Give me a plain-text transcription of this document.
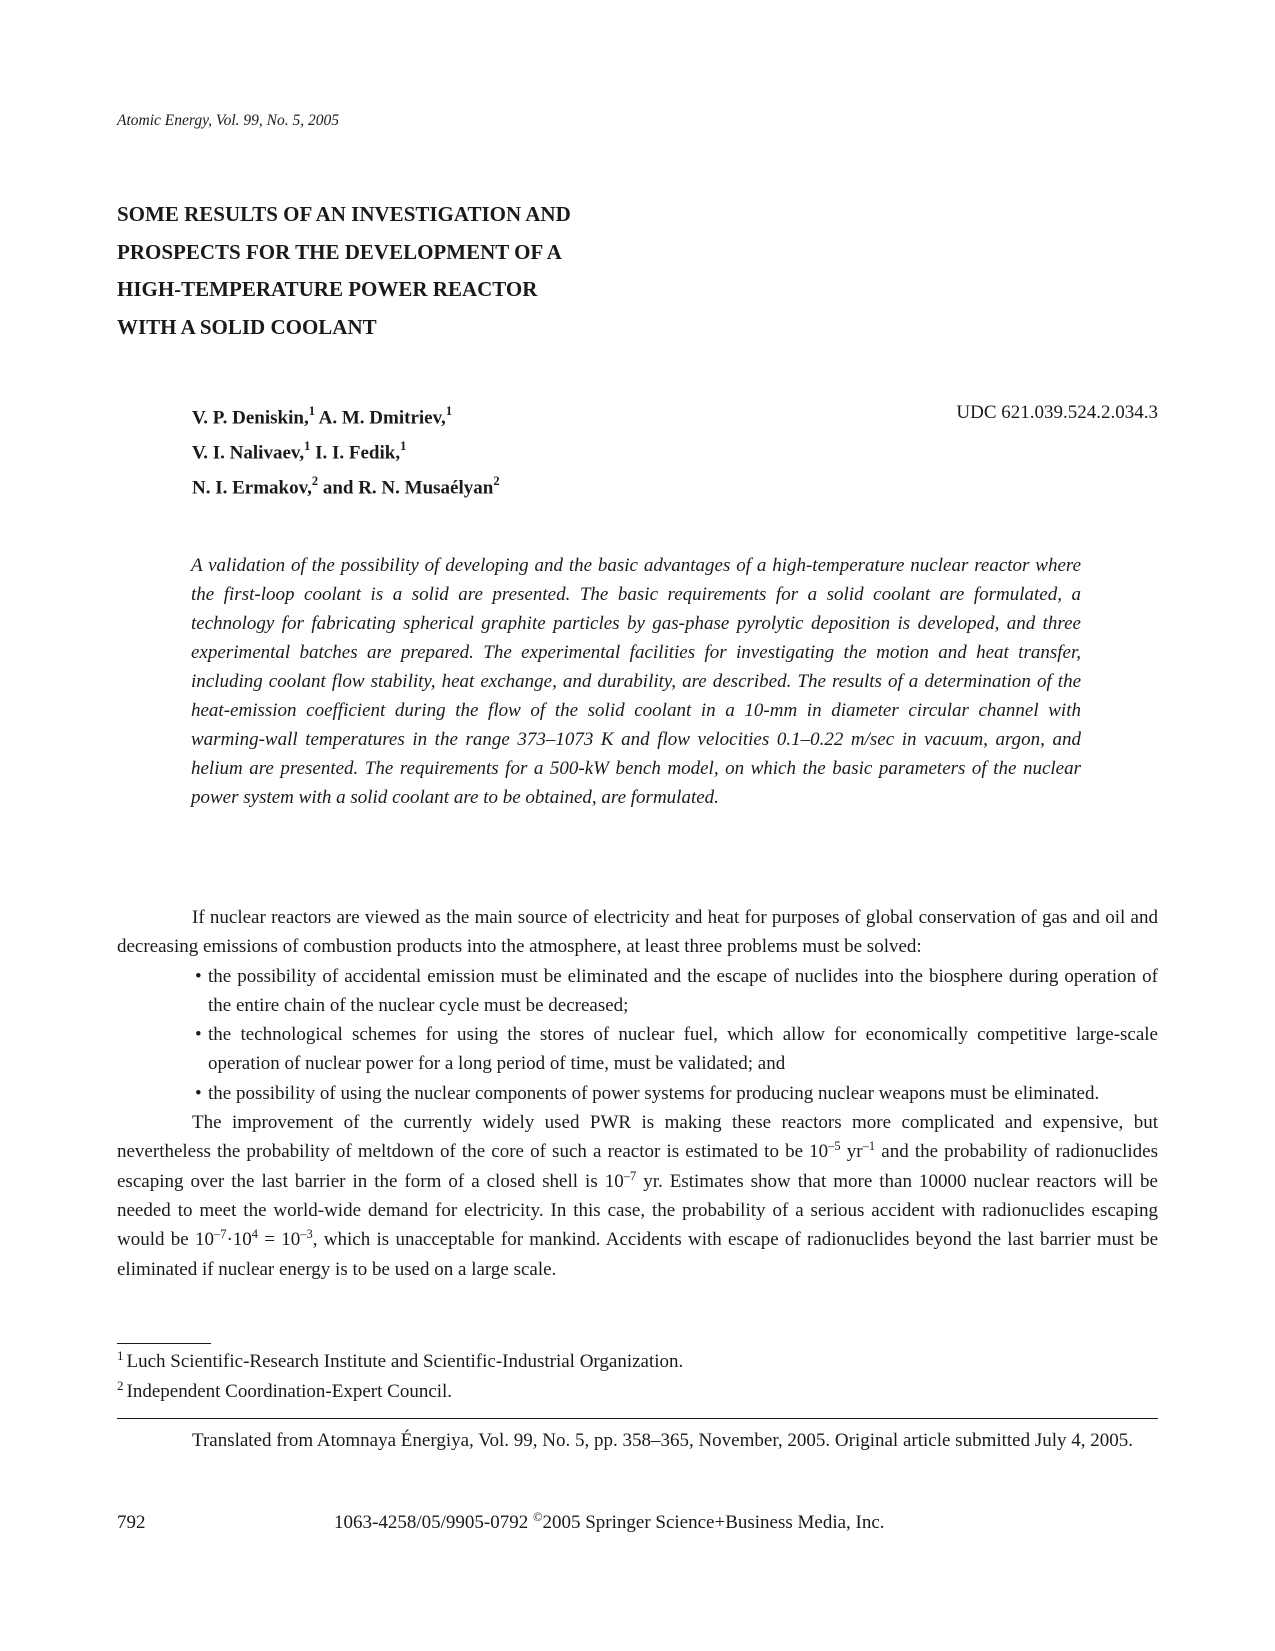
Atomic Energy, Vol. 99, No. 5, 2005
SOME RESULTS OF AN INVESTIGATION AND
PROSPECTS FOR THE DEVELOPMENT OF A
HIGH-TEMPERATURE POWER REACTOR
WITH A SOLID COOLANT
V. P. Deniskin,$^1$ A. M. Dmitriev,$^1$
V. I. Nalivaev,$^1$ I. I. Fedik,$^1$
N. I. Ermakov,$^2$ and R. N. Musaélyan$^2$
UDC 621.039.524.2.034.3

A validation of the possibility of developing and the basic advantages of a high-temperature nuclear reactor where the first-loop coolant is a solid are presented. The basic requirements for a solid coolant are formulated, a technology for fabricating spherical graphite particles by gas-phase pyrolytic deposition is developed, and three experimental batches are prepared. The experimental facilities for investigating the motion and heat transfer, including coolant flow stability, heat exchange, and durability, are described. The results of a determination of the heat-emission coefficient during the flow of the solid coolant in a 10-mm in diameter circular channel with warming-wall temperatures in the range 373–1073 K and flow velocities 0.1–0.22 m/sec in vacuum, argon, and helium are presented. The requirements for a 500-kW bench model, on which the basic parameters of the nuclear power system with a solid coolant are to be obtained, are formulated.

If nuclear reactors are viewed as the main source of electricity and heat for purposes of global conservation of gas and oil and decreasing emissions of combustion products into the atmosphere, at least three problems must be solved:

• the possibility of accidental emission must be eliminated and the escape of nuclides into the biosphere during operation of the entire chain of the nuclear cycle must be decreased;
• the technological schemes for using the stores of nuclear fuel, which allow for economically competitive large-scale operation of nuclear power for a long period of time, must be validated; and
• the possibility of using the nuclear components of power systems for producing nuclear weapons must be eliminated.

The improvement of the currently widely used PWR is making these reactors more complicated and expensive, but nevertheless the probability of meltdown of the core of such a reactor is estimated to be $10^{-5}$ $yr^{-1}$ and the probability of radionuclides escaping over the last barrier in the form of a closed shell is $10^{-7}$ yr. Estimates show that more than 10000 nuclear reactors will be needed to meet the world-wide demand for electricity. In this case, the probability of a serious accident with radionuclides escaping would be $10^{-7}\cdot 10^4 = 10^{-3}$, which is unacceptable for mankind. Accidents with escape of radionuclides beyond the last barrier must be eliminated if nuclear energy is to be used on a large scale.

$^1$ Luch Scientific-Research Institute and Scientific-Industrial Organization.
$^2$ Independent Coordination-Expert Council.

Translated from Atomnaya Énergiya, Vol. 99, No. 5, pp. 358–365, November, 2005. Original article submitted July 4, 2005.

792	1063-4258/05/9905-0792 ©2005 Springer Science+Business Media, Inc.
